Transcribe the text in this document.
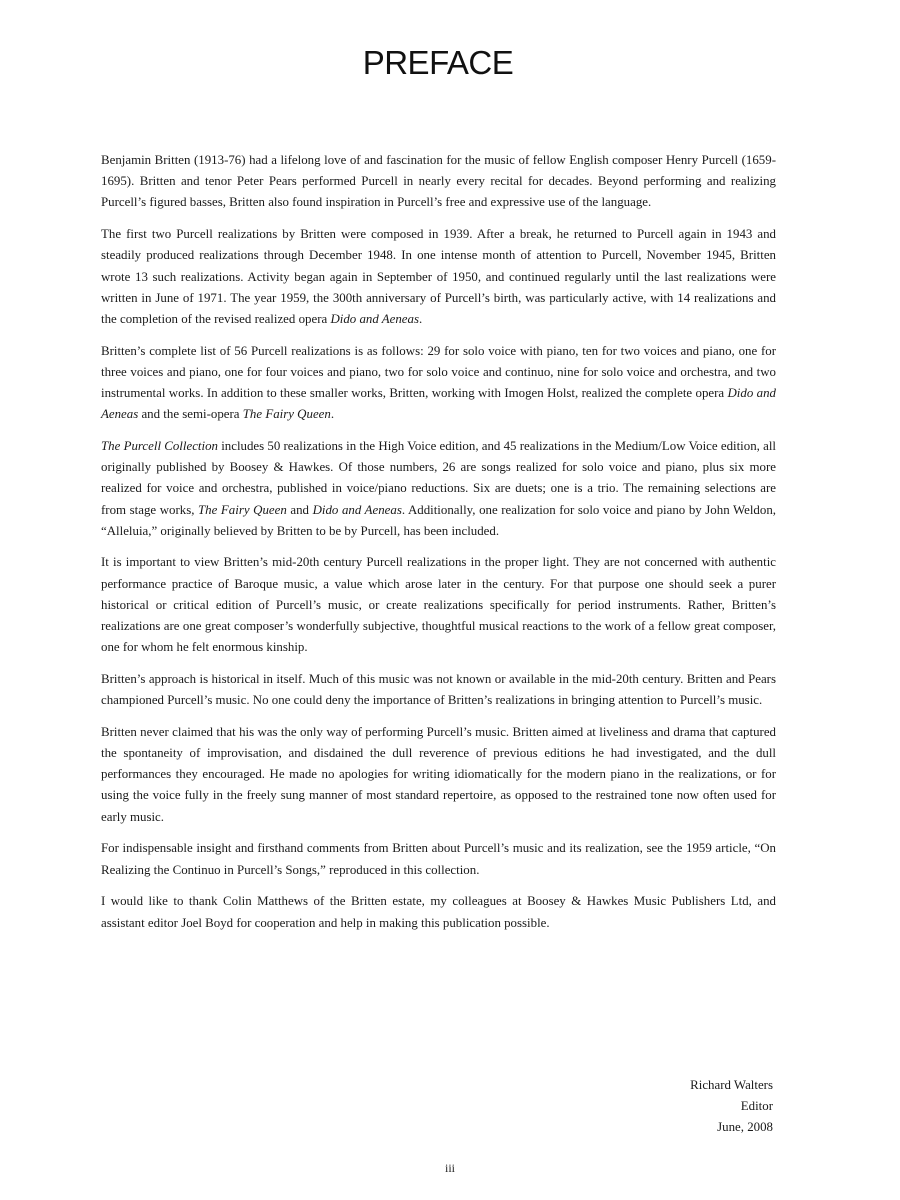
PREFACE

Benjamin Britten (1913-76) had a lifelong love of and fascination for the music of fellow English composer Henry Purcell (1659-1695). Britten and tenor Peter Pears performed Purcell in nearly every recital for decades. Beyond performing and realizing Purcell’s figured basses, Britten also found inspiration in Purcell’s free and expressive use of the language.

The first two Purcell realizations by Britten were composed in 1939. After a break, he returned to Purcell again in 1943 and steadily produced realizations through December 1948. In one intense month of attention to Purcell, November 1945, Britten wrote 13 such realizations. Activity began again in September of 1950, and continued regularly until the last realizations were written in June of 1971. The year 1959, the 300th anniversary of Purcell’s birth, was particularly active, with 14 realizations and the completion of the revised realized opera Dido and Aeneas.

Britten’s complete list of 56 Purcell realizations is as follows: 29 for solo voice with piano, ten for two voices and piano, one for three voices and piano, one for four voices and piano, two for solo voice and continuo, nine for solo voice and orchestra, and two instrumental works. In addition to these smaller works, Britten, working with Imogen Holst, realized the complete opera Dido and Aeneas and the semi-opera The Fairy Queen.

The Purcell Collection includes 50 realizations in the High Voice edition, and 45 realizations in the Medium/Low Voice edition, all originally published by Boosey & Hawkes. Of those numbers, 26 are songs realized for solo voice and piano, plus six more realized for voice and orchestra, published in voice/piano reductions. Six are duets; one is a trio. The remaining selections are from stage works, The Fairy Queen and Dido and Aeneas. Additionally, one realization for solo voice and piano by John Weldon, “Alleluia,” originally believed by Britten to be by Purcell, has been included.

It is important to view Britten’s mid-20th century Purcell realizations in the proper light. They are not concerned with authentic performance practice of Baroque music, a value which arose later in the century. For that purpose one should seek a purer historical or critical edition of Purcell’s music, or create realizations specifically for period instruments. Rather, Britten’s realizations are one great composer’s wonderfully subjective, thoughtful musical reactions to the work of a fellow great composer, one for whom he felt enormous kinship.

Britten’s approach is historical in itself. Much of this music was not known or available in the mid-20th century. Britten and Pears championed Purcell’s music. No one could deny the importance of Britten’s realizations in bringing attention to Purcell’s music.

Britten never claimed that his was the only way of performing Purcell’s music. Britten aimed at liveliness and drama that captured the spontaneity of improvisation, and disdained the dull reverence of previous editions he had investigated, and the dull performances they encouraged. He made no apologies for writing idiomatically for the modern piano in the realizations, or for using the voice fully in the freely sung manner of most standard repertoire, as opposed to the restrained tone now often used for early music.

For indispensable insight and firsthand comments from Britten about Purcell’s music and its realization, see the 1959 article, “On Realizing the Continuo in Purcell’s Songs,” reproduced in this collection.

I would like to thank Colin Matthews of the Britten estate, my colleagues at Boosey & Hawkes Music Publishers Ltd, and assistant editor Joel Boyd for cooperation and help in making this publication possible.

Richard Walters
Editor
June, 2008
iii
